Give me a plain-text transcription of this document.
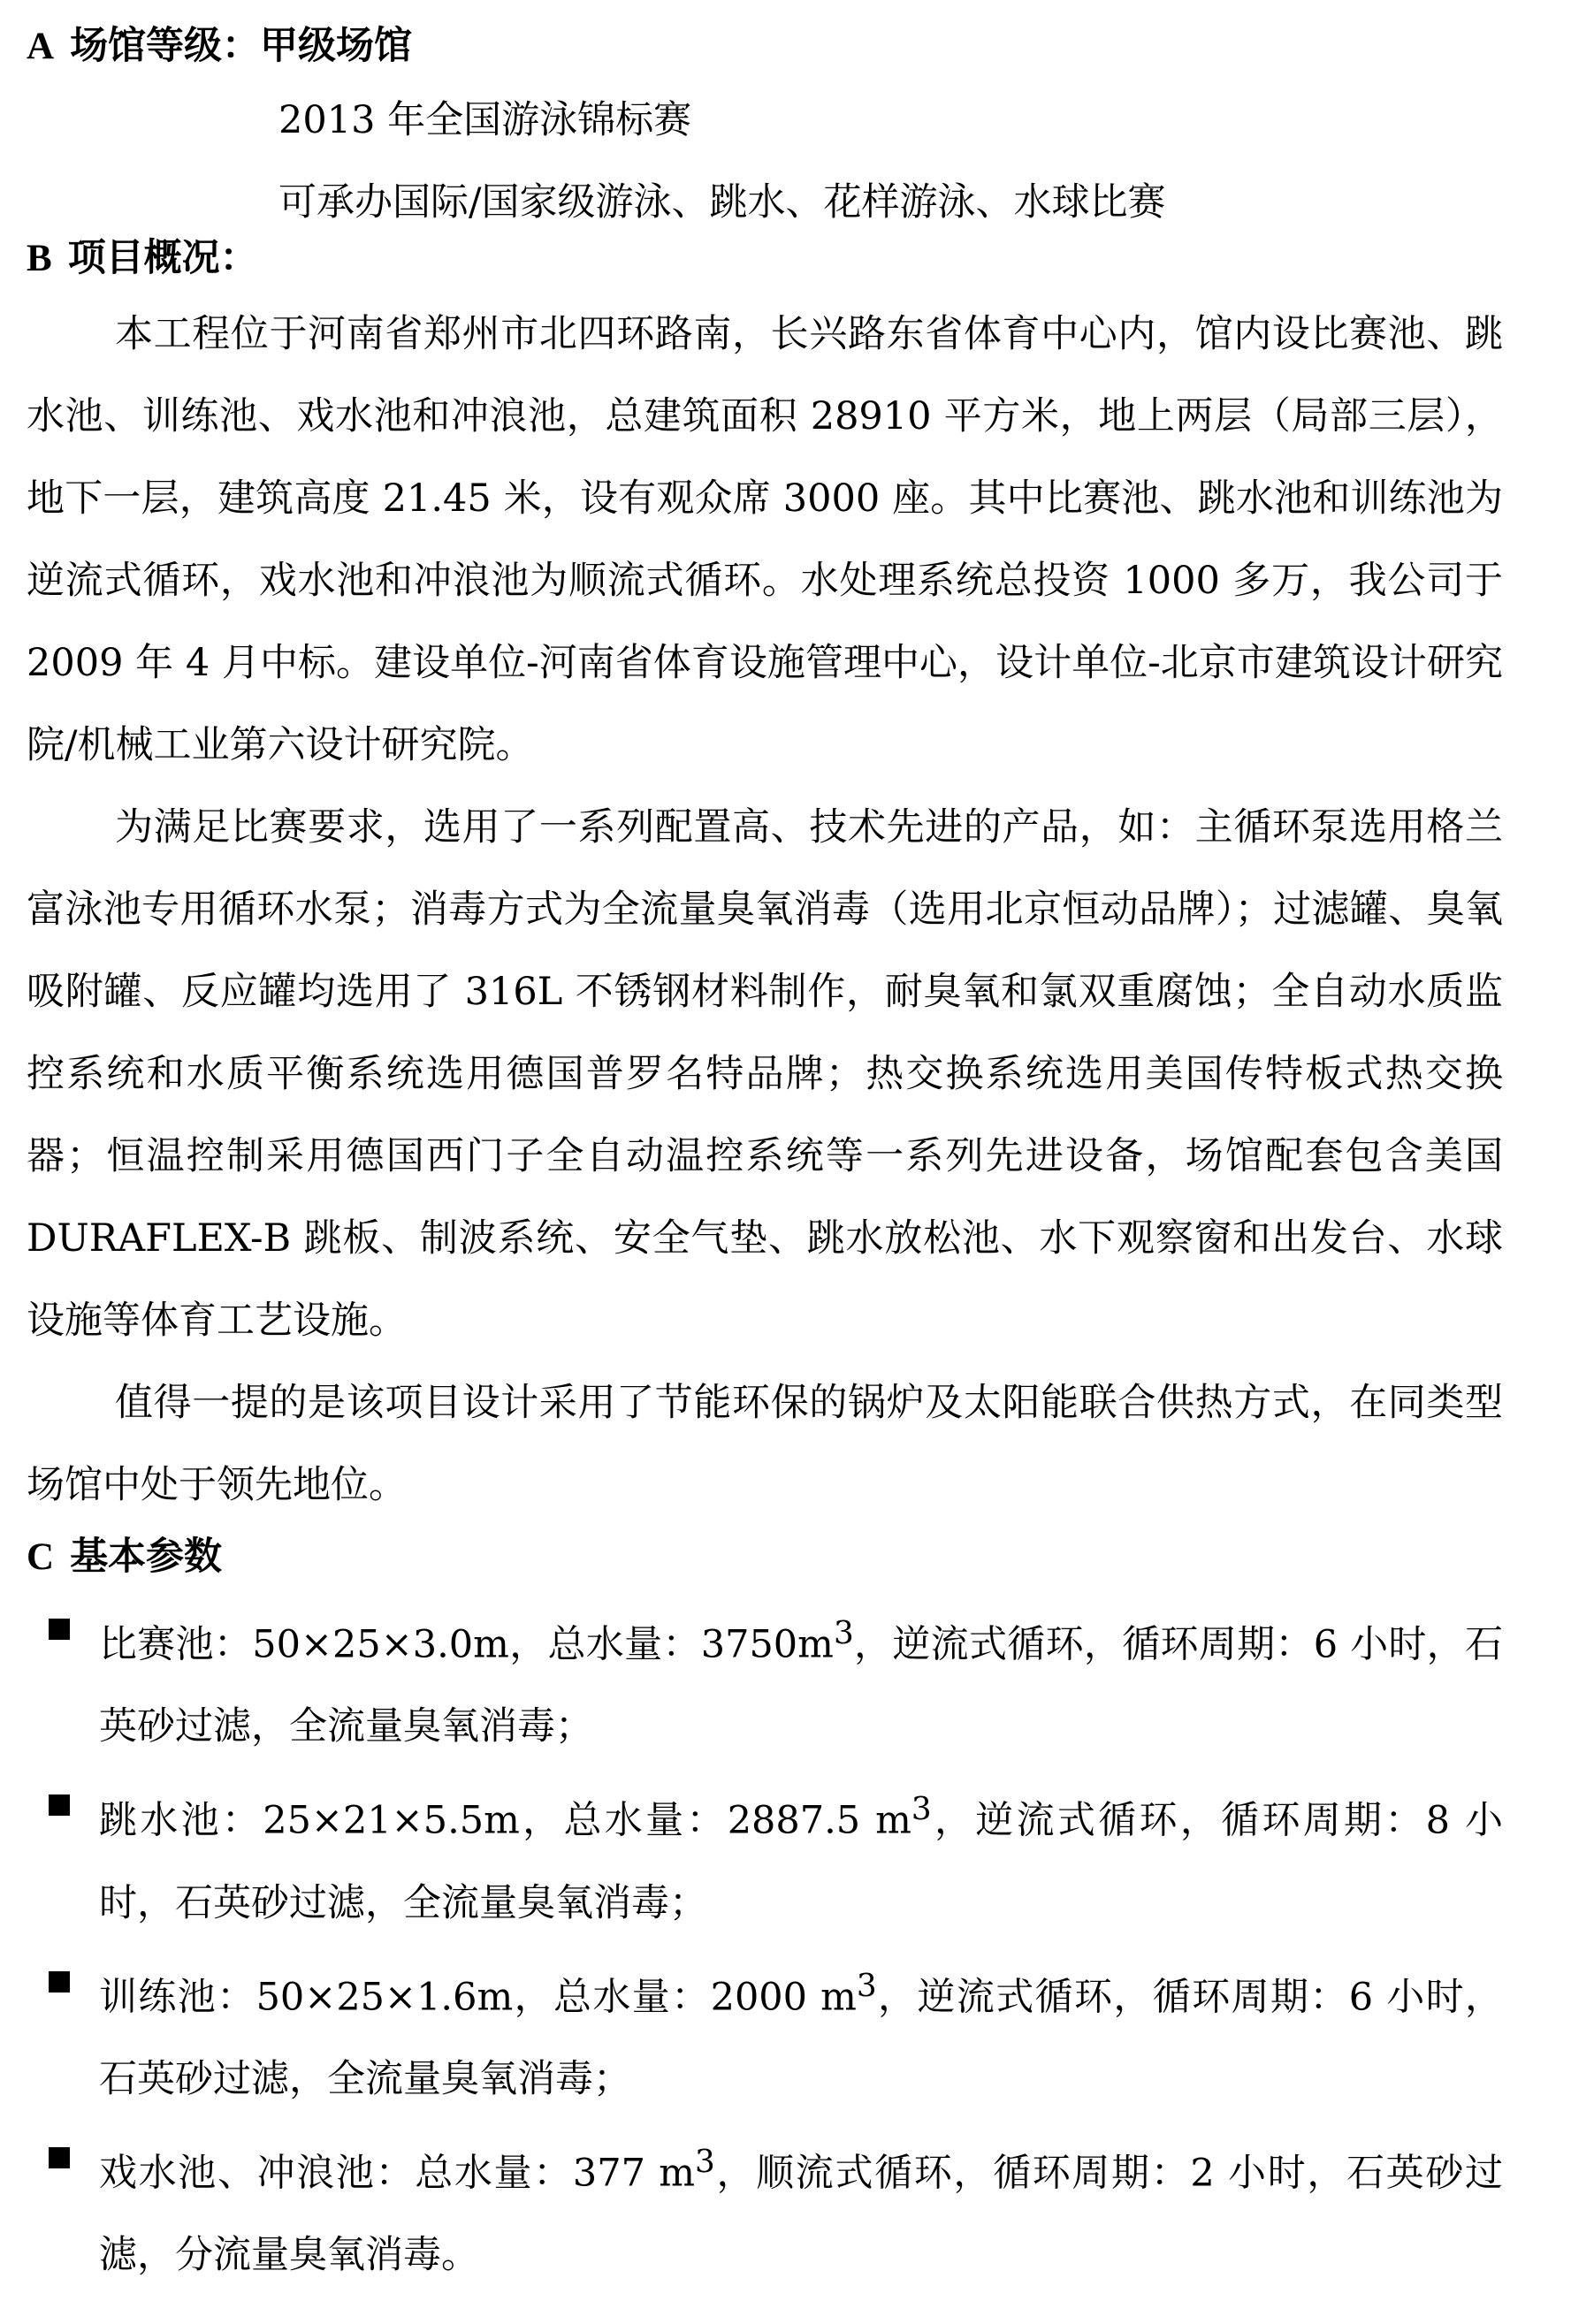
A 场馆等级：甲级场馆
2013 年全国游泳锦标赛
可承办国际/国家级游泳、跳水、花样游泳、水球比赛
B 项目概况：

本工程位于河南省郑州市北四环路南，长兴路东省体育中心内，馆内设比赛池、跳水池、训练池、戏水池和冲浪池，总建筑面积 28910 平方米，地上两层（局部三层），地下一层，建筑高度 21.45 米，设有观众席 3000 座。其中比赛池、跳水池和训练池为逆流式循环，戏水池和冲浪池为顺流式循环。水处理系统总投资 1000 多万，我公司于 2009 年 4 月中标。建设单位-河南省体育设施管理中心，设计单位-北京市建筑设计研究院/机械工业第六设计研究院。

为满足比赛要求，选用了一系列配置高、技术先进的产品，如：主循环泵选用格兰富泳池专用循环水泵；消毒方式为全流量臭氧消毒（选用北京恒动品牌）；过滤罐、臭氧吸附罐、反应罐均选用了 316L 不锈钢材料制作，耐臭氧和氯双重腐蚀；全自动水质监控系统和水质平衡系统选用德国普罗名特品牌；热交换系统选用美国传特板式热交换器；恒温控制采用德国西门子全自动温控系统等一系列先进设备，场馆配套包含美国 DURAFLEX-B 跳板、制波系统、安全气垫、跳水放松池、水下观察窗和出发台、水球设施等体育工艺设施。

值得一提的是该项目设计采用了节能环保的锅炉及太阳能联合供热方式，在同类型场馆中处于领先地位。

C 基本参数
比赛池：50×25×3.0m，总水量：$3750m^3$，逆流式循环，循环周期：6 小时，石英砂过滤，全流量臭氧消毒；
跳水池：25×21×5.5m，总水量：2887.5 $m^3$，逆流式循环，循环周期：8 小时，石英砂过滤，全流量臭氧消毒；
训练池：50×25×1.6m，总水量：2000 $m^3$，逆流式循环，循环周期：6 小时，石英砂过滤，全流量臭氧消毒；
戏水池、冲浪池：总水量：377 $m^3$，顺流式循环，循环周期：2 小时，石英砂过滤，分流量臭氧消毒。
